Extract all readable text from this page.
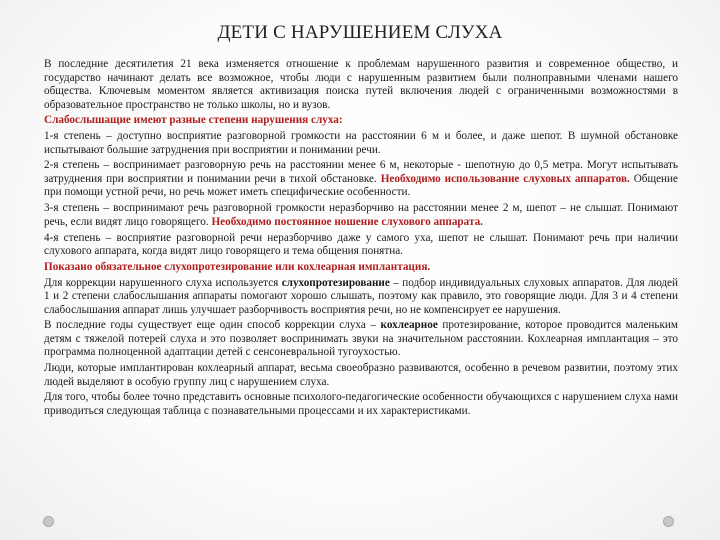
ДЕТИ С НАРУШЕНИЕМ СЛУХА

В последние десятилетия 21 века изменяется отношение к проблемам нарушенного развития и современное общество, и государство начинают делать все возможное, чтобы люди с нарушенным развитием были полноправными членами нашего общества. Ключевым моментом является активизация поиска путей включения людей с ограниченными возможностями в образовательное пространство не только школы, но и вузов.

Слабослышащие имеют разные степени нарушения слуха:

1-я степень – доступно восприятие разговорной громкости на расстоянии 6 м и более, и даже шепот. В шумной обстановке испытывают большие затруднения при восприятии и понимании речи.

2-я степень – воспринимает разговорную речь на расстоянии менее 6 м, некоторые - шепотную до 0,5 метра. Могут испытывать затруднения при восприятии и понимании речи в тихой обстановке. Необходимо использование слуховых аппаратов. Общение при помощи устной речи, но речь может иметь специфические особенности.

3-я степень – воспринимают речь разговорной громкости неразборчиво на расстоянии менее 2 м, шепот – не слышат. Понимают речь, если видят лицо говорящего. Необходимо постоянное ношение слухового аппарата.

4-я степень – восприятие разговорной речи неразборчиво даже у самого уха, шепот не слышат. Понимают речь при наличии слухового аппарата, когда видят лицо говорящего и тема общения понятна.

Показано обязательное слухопротезирование или кохлеарная имплантация.

Для коррекции нарушенного слуха используется слухопротезирование – подбор индивидуальных слуховых аппаратов. Для людей 1 и 2 степени слабослышания аппараты помогают хорошо слышать, поэтому как правило, это говорящие люди. Для 3 и 4 степени слабослышания аппарат лишь улучшает разборчивость восприятия речи, но не компенсирует ее нарушения.

В последние годы существует еще один способ коррекции слуха – кохлеарное протезирование, которое проводится маленьким детям с тяжелой потерей слуха и это позволяет воспринимать звуки на значительном расстоянии. Кохлеарная имплантация – это программа полноценной адаптации детей с сенсоневральной тугоухостью.

Люди, которые имплантирован кохлеарный аппарат, весьма своеобразно развиваются, особенно в речевом развитии, поэтому этих людей выделяют в особую группу лиц с нарушением слуха.

Для того, чтобы более точно представить основные психолого-педагогические особенности обучающихся с нарушением слуха нами приводиться следующая таблица с познавательными процессами и их характеристиками.
